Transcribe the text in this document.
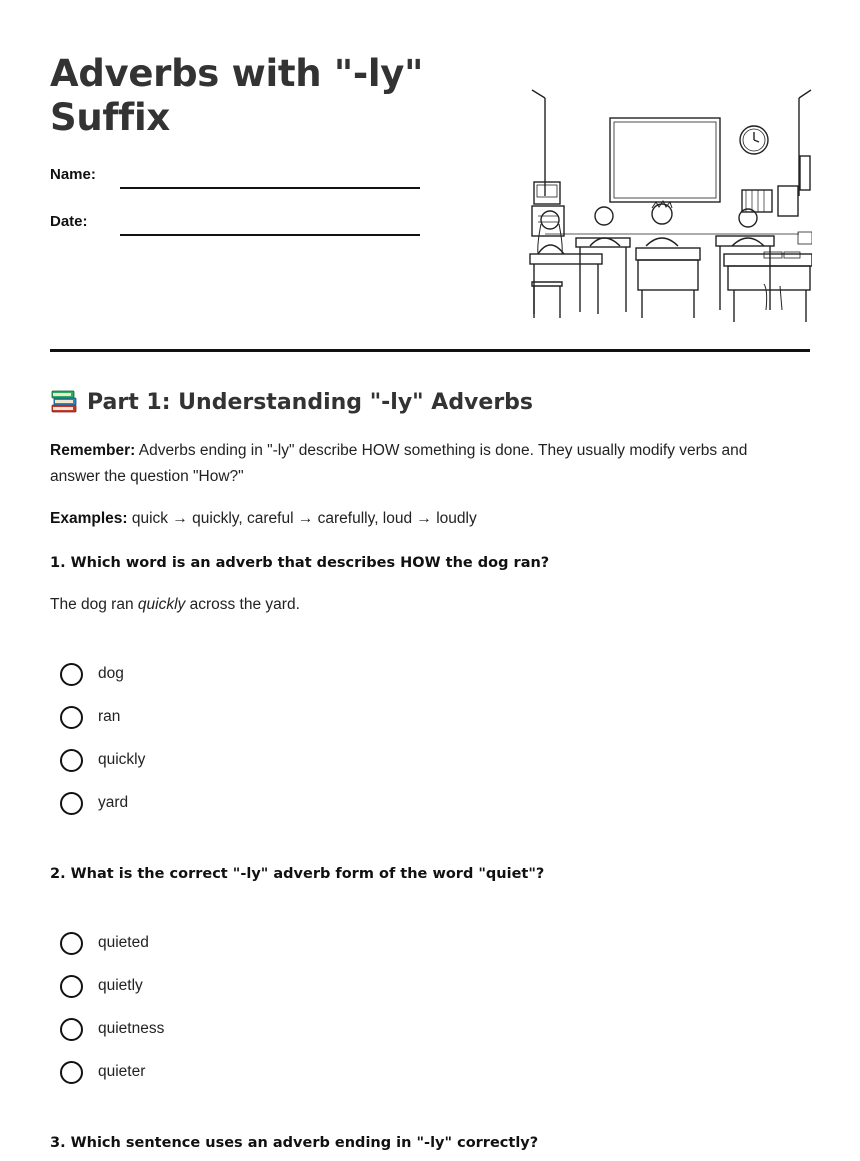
Adverbs with "-ly"
Suffix
Name:
Date:
Part 1: Understanding "-ly" Adverbs
Remember: Adverbs ending in "-ly" describe HOW something is done. They usually modify verbs and answer the question "How?"
Examples: quick → quickly, careful → carefully, loud → loudly
1. Which word is an adverb that describes HOW the dog ran?
The dog ran quickly across the yard.
dog
ran
quickly
yard
2. What is the correct "-ly" adverb form of the word "quiet"?
quieted
quietly
quietness
quieter
3. Which sentence uses an adverb ending in "-ly" correctly?
